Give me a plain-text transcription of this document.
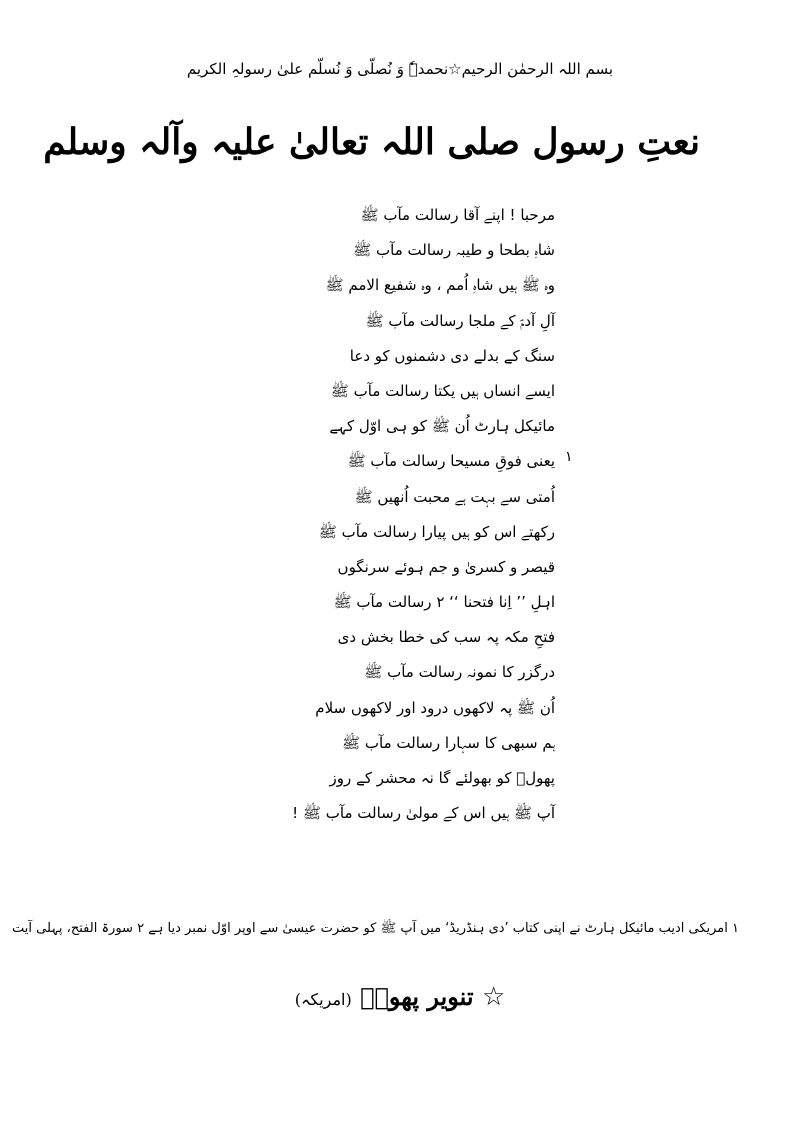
بسم اللہ الرحمٰن الرحیم☆نحمدہٗ وَ نُصلّی وَ نُسلّم علیٰ رسولہِ الکریم
نعتِ رسول صلی اللہ تعالیٰ علیہ وآلہ وسلم
مرحبا ! اپنے آقا رسالت مآب ﷺ
شاہِ بطحا و طیبہ رسالت مآب ﷺ
وہ ﷺ ہیں شاہِ اُمم ، وہ شفیع الامم ﷺ
آلِ آدمؑ کے ملجا رسالت مآب ﷺ
سنگ کے بدلے دی دشمنوں کو دعا
ایسے انساں ہیں یکتا رسالت مآب ﷺ
مائیکل ہارٹ اُن ﷺ کو ہی اوّل کہے
یعنی فوقِ مسیحا رسالت مآب ﷺ
اُمتی سے بہت ہے محبت اُنھیں ﷺ
رکھتے اس کو ہیں پیارا رسالت مآب ﷺ
قیصر و کسریٰ و جم ہوئے سرنگوں
اہلِ ’’ اِنا فتحنا ‘‘ ۲ رسالت مآب ﷺ
فتحِ مکہ پہ سب کی خطا بخش دی
درگزر کا نمونہ رسالت مآب ﷺ
اُن ﷺ پہ لاکھوں درود اور لاکھوں سلام
ہم سبھی کا سہارا رسالت مآب ﷺ
پھولؔ کو بھولئے گا نہ محشر کے روز
آپ ﷺ ہیں اس کے مولیٰ رسالت مآب ﷺ !
۱
۱ امریکی ادیب مائیکل ہارٹ نے اپنی کتاب ’دی ہنڈریڈ‘ میں آپ ﷺ کو حضرت عیسیٰ سے اوپر اوّل نمبر دیا ہے ۲ سورۃ الفتح، پہلی آیت
☆ تنویر پھولؔ (امریکہ)
